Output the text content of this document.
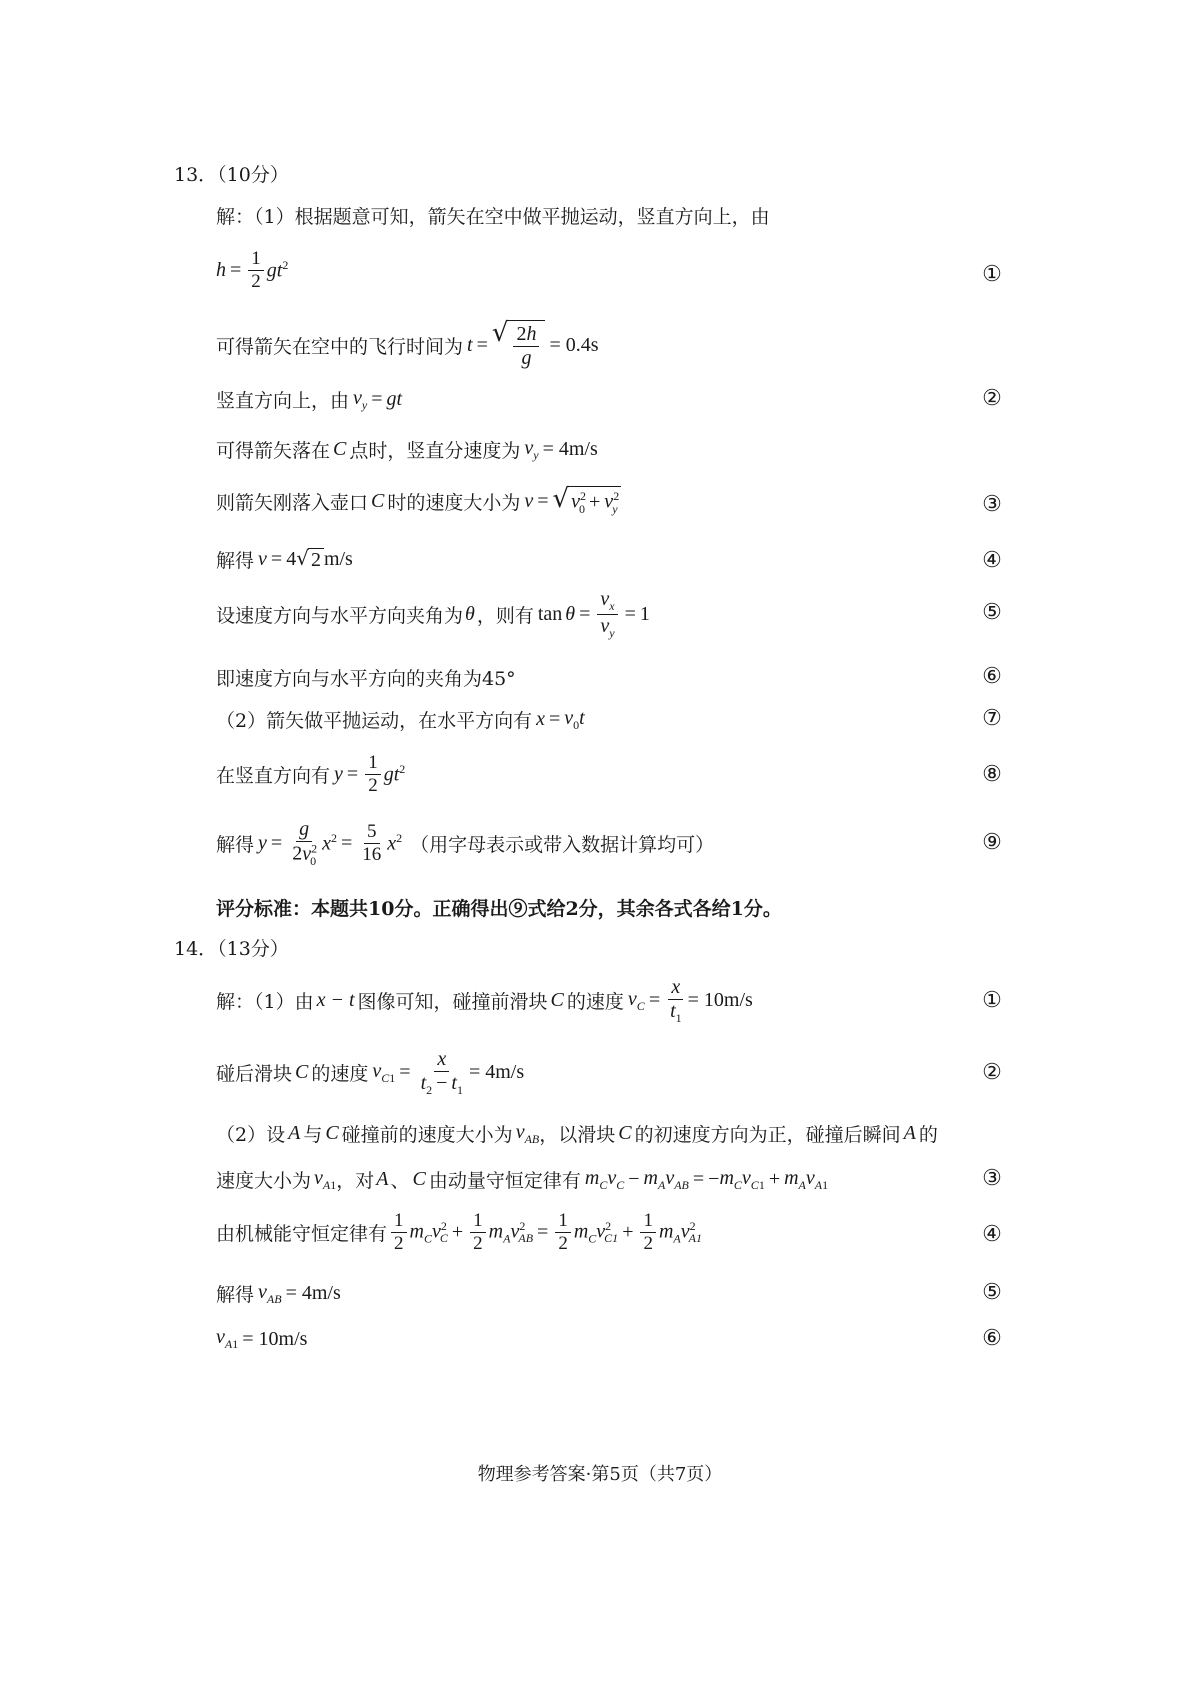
13．（10分）
解：（1）根据题意可知，箭矢在空中做平抛运动，竖直方向上，由
$h = \frac{1}{2} gt^2$	①
可得箭矢在空中的飞行时间为 t = √ $\frac{2h}{g} = 0.4s$
竖直方向上，由 $v_y$ = gt	②
可得箭矢落在 C 点时，竖直分速度为 $v_y = 4m/s$
则箭矢刚落入壶口 C 时的速度大小为 v = √ $v^2_0 + v^2_y$	③
解得 v = 4 √ 2 m/s	④
设速度方向与水平方向夹角为 θ ，则有 $\tan \theta = \frac{v_x}{v_y} = 1$	⑤
即速度方向与水平方向的夹角为45°	⑥
（2）箭矢做平抛运动，在水平方向有 $x = v_0t$	⑦
在竖直方向有 $y = \frac{1}{2} gt^2$	⑧
解得 $y = \frac{g}{2v^2_0} x^2 = \frac{5}{16} x^2$ （用字母表示或带入数据计算均可）	⑨
评分标准：本题共10分。正确得出⑨式给2分，其余各式各给1分。
14．（13分）
解：（1）由 x − t 图像可知，碰撞前滑块 C 的速度 $v_C = \frac{x}{t_1} = 10m/s$	①
碰后滑块 C 的速度 $v_{C1} = \frac{x}{t_2 - t_1} = 4m/s$	②
（2）设 A 与 C 碰撞前的速度大小为 $v_{AB}$ ，以滑块 C 的初速度方向为正，碰撞后瞬间 A 的
速度大小为 $v_{A1}$ ，对 A 、 C 由动量守恒定律有 $m_Cv_C - m_Av_{AB}$ = − $m_Cv_{C1} + m_Av_{A1}$	③
由机械能守恒定律有 $\frac{1}{2} m_Cv^2_C + \frac{1}{2} m_Av^2_{AB} = \frac{1}{2} m_Cv^2_{C1} + \frac{1}{2} m_Av^2_{A1}$	④
解得 $v_{AB} = 4m/s$	⑤
$v_{A1} = 10m/s$	⑥
物理参考答案·第5页（共7页）
